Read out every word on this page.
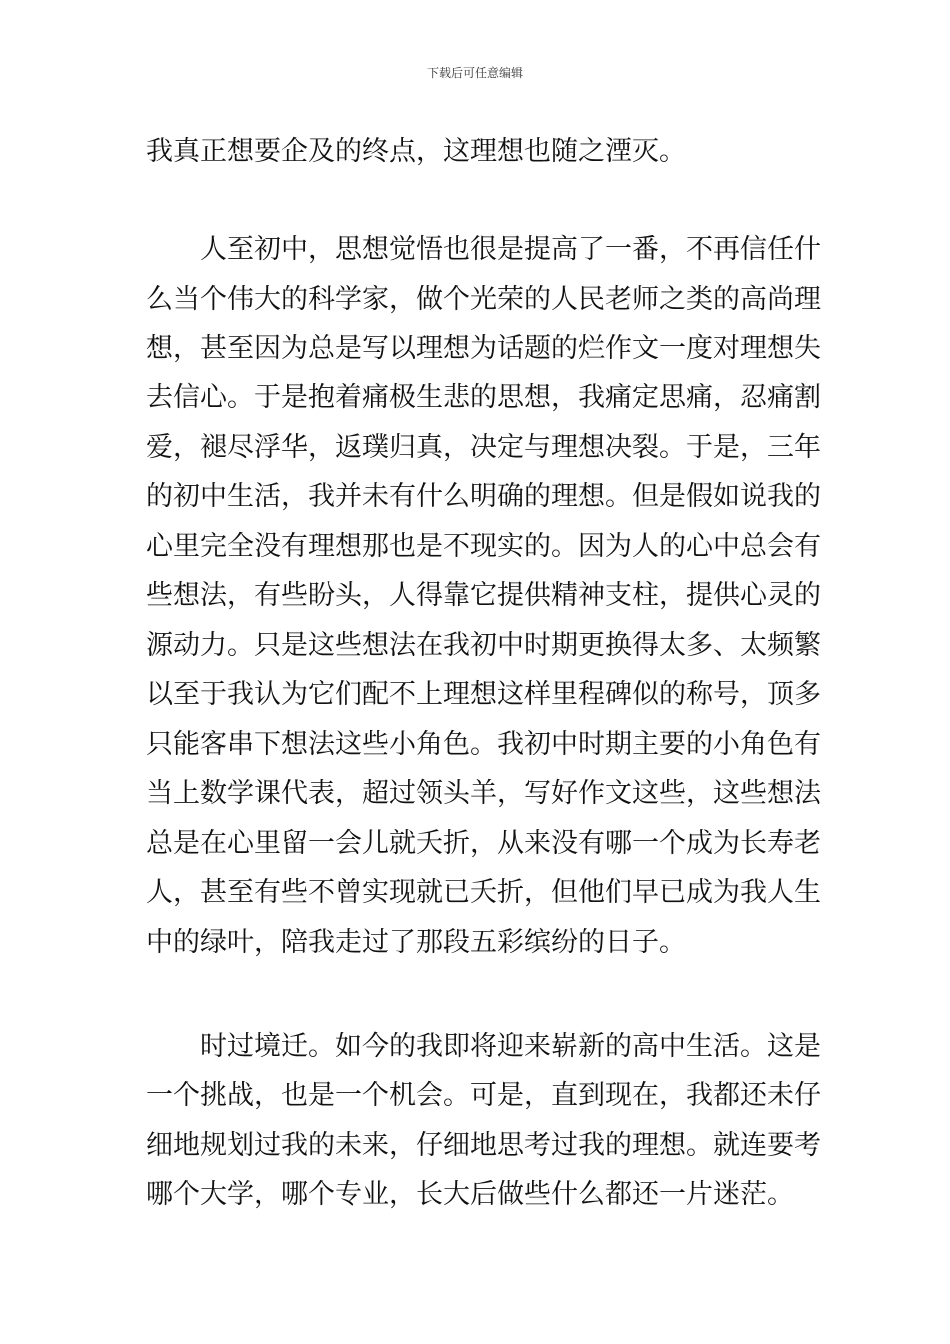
下载后可任意编辑
我真正想要企及的终点，这理想也随之湮灭。
人至初中，思想觉悟也很是提高了一番，不再信任什
么当个伟大的科学家，做个光荣的人民老师之类的高尚理
想，甚至因为总是写以理想为话题的烂作文一度对理想失
去信心。于是抱着痛极生悲的思想，我痛定思痛，忍痛割
爱，褪尽浮华，返璞归真，决定与理想决裂。于是，三年
的初中生活，我并未有什么明确的理想。但是假如说我的
心里完全没有理想那也是不现实的。因为人的心中总会有
些想法，有些盼头，人得靠它提供精神支柱，提供心灵的
源动力。只是这些想法在我初中时期更换得太多、太频繁
以至于我认为它们配不上理想这样里程碑似的称号，顶多
只能客串下想法这些小角色。我初中时期主要的小角色有
当上数学课代表，超过领头羊，写好作文这些，这些想法
总是在心里留一会儿就夭折，从来没有哪一个成为长寿老
人，甚至有些不曾实现就已夭折，但他们早已成为我人生
中的绿叶，陪我走过了那段五彩缤纷的日子。
时过境迁。如今的我即将迎来崭新的高中生活。这是
一个挑战，也是一个机会。可是，直到现在，我都还未仔
细地规划过我的未来，仔细地思考过我的理想。就连要考
哪个大学，哪个专业，长大后做些什么都还一片迷茫。
